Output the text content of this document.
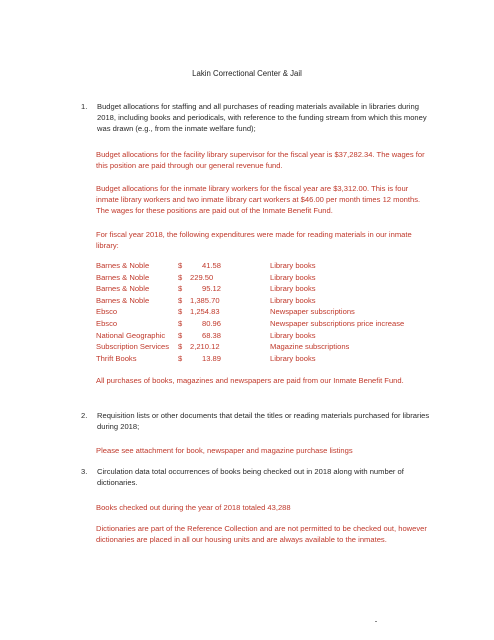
Lakin Correctional Center & Jail
1. Budget allocations for staffing and all purchases of reading materials available in libraries during 2018, including books and periodicals, with reference to the funding stream from which this money was drawn (e.g., from the inmate welfare fund);
Budget allocations for the facility library supervisor for the fiscal year is $37,282.34. The wages for this position are paid through our general revenue fund.
Budget allocations for the inmate library workers for the fiscal year are $3,312.00. This is four inmate library workers and two inmate library cart workers at $46.00 per month times 12 months. The wages for these positions are paid out of the Inmate Benefit Fund.
For fiscal year 2018, the following expenditures were made for reading materials in our inmate library:
Barnes & Noble	$	41.58	Library books
Barnes & Noble	$	229.50	Library books
Barnes & Noble	$	95.12	Library books
Barnes & Noble	$	1,385.70	Library books
Ebsco	$	1,254.83	Newspaper subscriptions
Ebsco	$	80.96	Newspaper subscriptions price increase
National Geographic	$	68.38	Library books
Subscription Services	$	2,210.12	Magazine subscriptions
Thrift Books	$	13.89	Library books
All purchases of books, magazines and newspapers are paid from our Inmate Benefit Fund.
2. Requisition lists or other documents that detail the titles or reading materials purchased for libraries during 2018;
Please see attachment for book, newspaper and magazine purchase listings
3. Circulation data total occurrences of books being checked out in 2018 along with number of dictionaries.
Books checked out during the year of 2018 totaled 43,288
Dictionaries are part of the Reference Collection and are not permitted to be checked out, however dictionaries are placed in all our housing units and are always available to the inmates.
